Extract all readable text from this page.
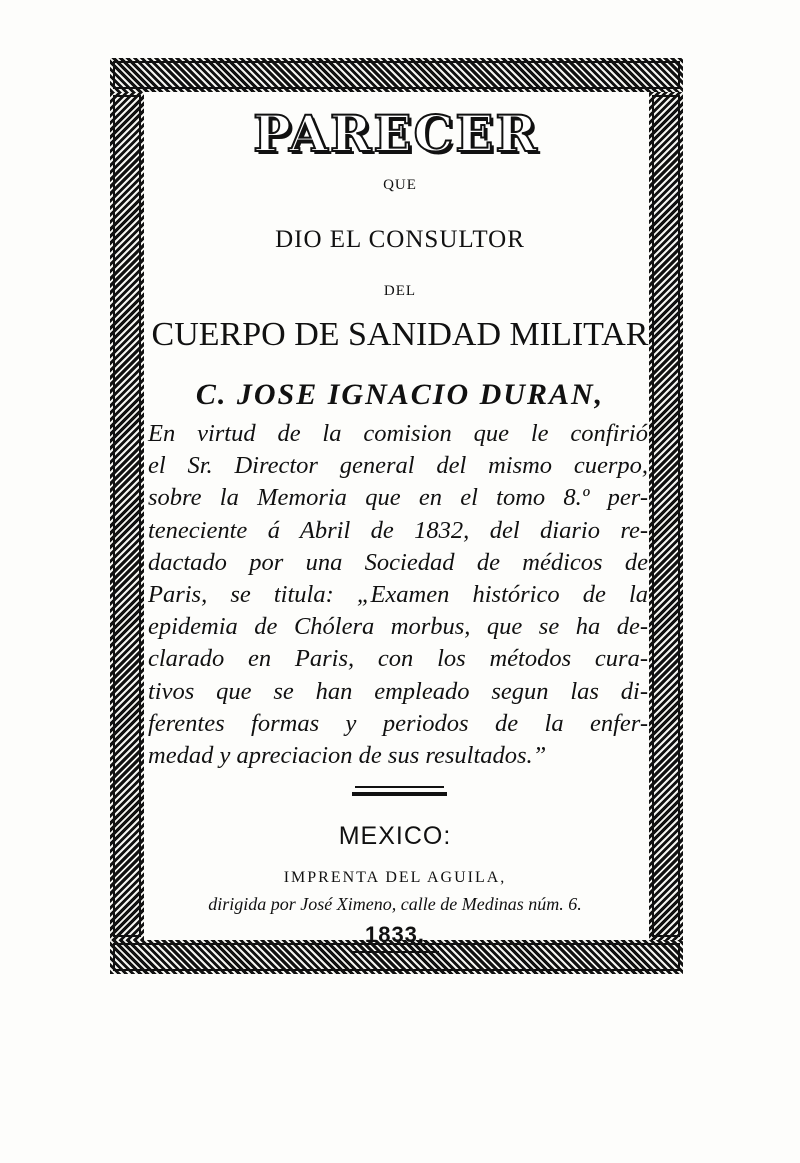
PARECER
QUE
DIO EL CONSULTOR
DEL
CUERPO DE SANIDAD MILITAR
C. JOSE IGNACIO DURAN,
En virtud de la comision que le confirió
el Sr. Director general del mismo cuerpo,
sobre la Memoria que en el tomo 8.º per-
teneciente á Abril de 1832, del diario re-
dactado por una Sociedad de médicos de
Paris, se titula: „Examen histórico de la
epidemia de Chólera morbus, que se ha de-
clarado en Paris, con los métodos cura-
tivos que se han empleado segun las di-
ferentes formas y periodos de la enfer-
medad y apreciacion de sus resultados.”
MEXICO:
IMPRENTA DEL AGUILA,
dirigida por José Ximeno, calle de Medinas núm. 6.
1833.
